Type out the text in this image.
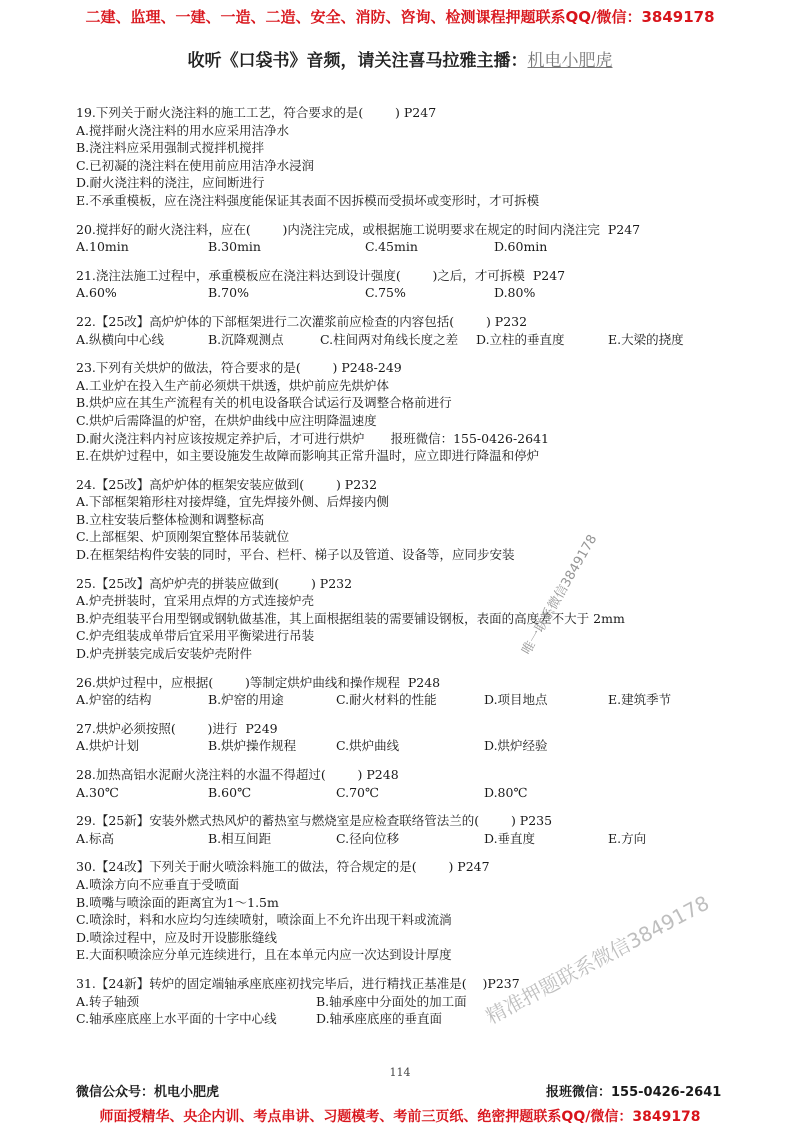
二建、监理、一建、一造、二造、安全、消防、咨询、检测课程押题联系QQ/微信：3849178
收听《口袋书》音频，请关注喜马拉雅主播：机电小肥虎
19.下列关于耐火浇注料的施工工艺，符合要求的是(        ) P247
A.搅拌耐火浇注料的用水应采用洁净水
B.浇注料应采用强制式搅拌机搅拌
C.已初凝的浇注料在使用前应用洁净水浸润
D.耐火浇注料的浇注，应间断进行
E.不承重模板，应在浇注料强度能保证其表面不因拆模而受损坏或变形时，才可拆模
20.搅拌好的耐火浇注料，应在(        )内浇注完成，或根据施工说明要求在规定的时间内浇注完  P247
A.10min	B.30min	C.45min	D.60min
21.浇注法施工过程中，承重模板应在浇注料达到设计强度(        )之后，才可拆模  P247
A.60%	B.70%	C.75%	D.80%
22.【25改】高炉炉体的下部框架进行二次灌浆前应检查的内容包括(        ) P232
A.纵横向中心线	B.沉降观测点	C.柱间两对角线长度之差 D.立柱的垂直度	E.大梁的挠度
23.下列有关烘炉的做法，符合要求的是(        ) P248-249
A.工业炉在投入生产前必须烘干烘透，烘炉前应先烘炉体
B.烘炉应在其生产流程有关的机电设备联合试运行及调整合格前进行
C.烘炉后需降温的炉窑，在烘炉曲线中应注明降温速度
D.耐火浇注料内衬应该按规定养护后，才可进行烘炉 报班微信：155-0426-2641
E.在烘炉过程中，如主要设施发生故障而影响其正常升温时，应立即进行降温和停炉
24.【25改】高炉炉体的框架安装应做到(        ) P232
A.下部框架箱形柱对接焊缝，宜先焊接外侧、后焊接内侧
B.立柱安装后整体检测和调整标高
C.上部框架、炉顶刚架宜整体吊装就位
D.在框架结构件安装的同时，平台、栏杆、梯子以及管道、设备等，应同步安装
25.【25改】高炉炉壳的拼装应做到(        ) P232
A.炉壳拼装时，宜采用点焊的方式连接炉壳
B.炉壳组装平台用型钢或钢轨做基准，其上面根据组装的需要铺设钢板，表面的高度差不大于 2mm
C.炉壳组装成单带后宜采用平衡梁进行吊装
D.炉壳拼装完成后安装炉壳附件
26.烘炉过程中，应根据(        )等制定烘炉曲线和操作规程  P248
A.炉窑的结构	B.炉窑的用途	C.耐火材料的性能	D.项目地点	E.建筑季节
27.烘炉必须按照(        )进行  P249
A.烘炉计划	B.烘炉操作规程	C.烘炉曲线	D.烘炉经验
28.加热高铝水泥耐火浇注料的水温不得超过(        ) P248
A.30℃	B.60℃	C.70℃	D.80℃
29.【25新】安装外燃式热风炉的蓄热室与燃烧室是应检查联络管法兰的(        ) P235
A.标高	B.相互间距	C.径向位移	D.垂直度	E.方向
30.【24改】下列关于耐火喷涂料施工的做法，符合规定的是(        ) P247
A.喷涂方向不应垂直于受喷面
B.喷嘴与喷涂面的距离宜为1～1.5m
C.喷涂时，料和水应均匀连续喷射，喷涂面上不允许出现干料或流淌
D.喷涂过程中，应及时开设膨胀缝线
E.大面积喷涂应分单元连续进行，且在本单元内应一次达到设计厚度
31.【24新】转炉的固定端轴承座底座初找完毕后，进行精找正基准是(    )P237
A.转子轴颈	B.轴承座中分面处的加工面
C.轴承座底座上水平面的十字中心线	D.轴承座底座的垂直面
唯一联系微信3849178
精准押题联系微信3849178
114
微信公众号：机电小肥虎	报班微信：155-0426-2641
师面授精华、央企内训、考点串讲、习题模考、考前三页纸、绝密押题联系QQ/微信：3849178
